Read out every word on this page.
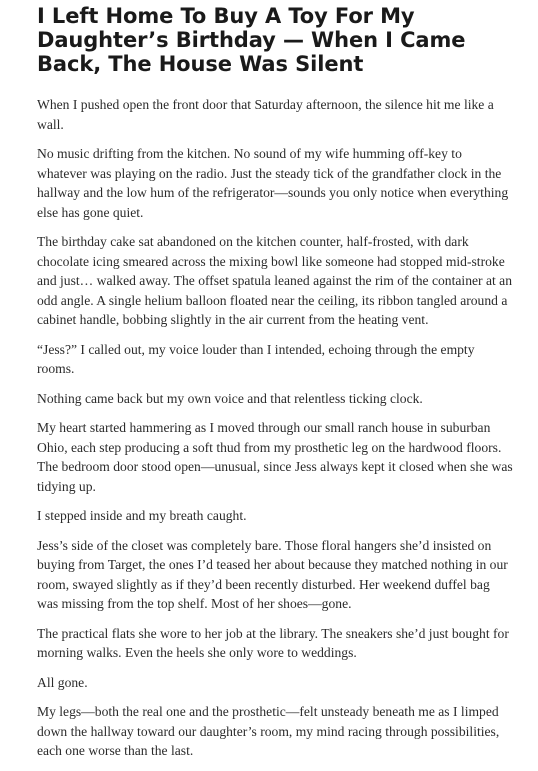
I Left Home To Buy A Toy For My Daughter’s Birthday — When I Came Back, The House Was Silent

When I pushed open the front door that Saturday afternoon, the silence hit me like a wall.

No music drifting from the kitchen. No sound of my wife humming off-key to whatever was playing on the radio. Just the steady tick of the grandfather clock in the hallway and the low hum of the refrigerator—sounds you only notice when everything else has gone quiet.

The birthday cake sat abandoned on the kitchen counter, half-frosted, with dark chocolate icing smeared across the mixing bowl like someone had stopped mid-stroke and just… walked away. The offset spatula leaned against the rim of the container at an odd angle. A single helium balloon floated near the ceiling, its ribbon tangled around a cabinet handle, bobbing slightly in the air current from the heating vent.

“Jess?” I called out, my voice louder than I intended, echoing through the empty rooms.

Nothing came back but my own voice and that relentless ticking clock.

My heart started hammering as I moved through our small ranch house in suburban Ohio, each step producing a soft thud from my prosthetic leg on the hardwood floors. The bedroom door stood open—unusual, since Jess always kept it closed when she was tidying up.

I stepped inside and my breath caught.

Jess’s side of the closet was completely bare. Those floral hangers she’d insisted on buying from Target, the ones I’d teased her about because they matched nothing in our room, swayed slightly as if they’d been recently disturbed. Her weekend duffel bag was missing from the top shelf. Most of her shoes—gone.

The practical flats she wore to her job at the library. The sneakers she’d just bought for morning walks. Even the heels she only wore to weddings.

All gone.

My legs—both the real one and the prosthetic—felt unsteady beneath me as I limped down the hallway toward our daughter’s room, my mind racing through possibilities, each one worse than the last.
